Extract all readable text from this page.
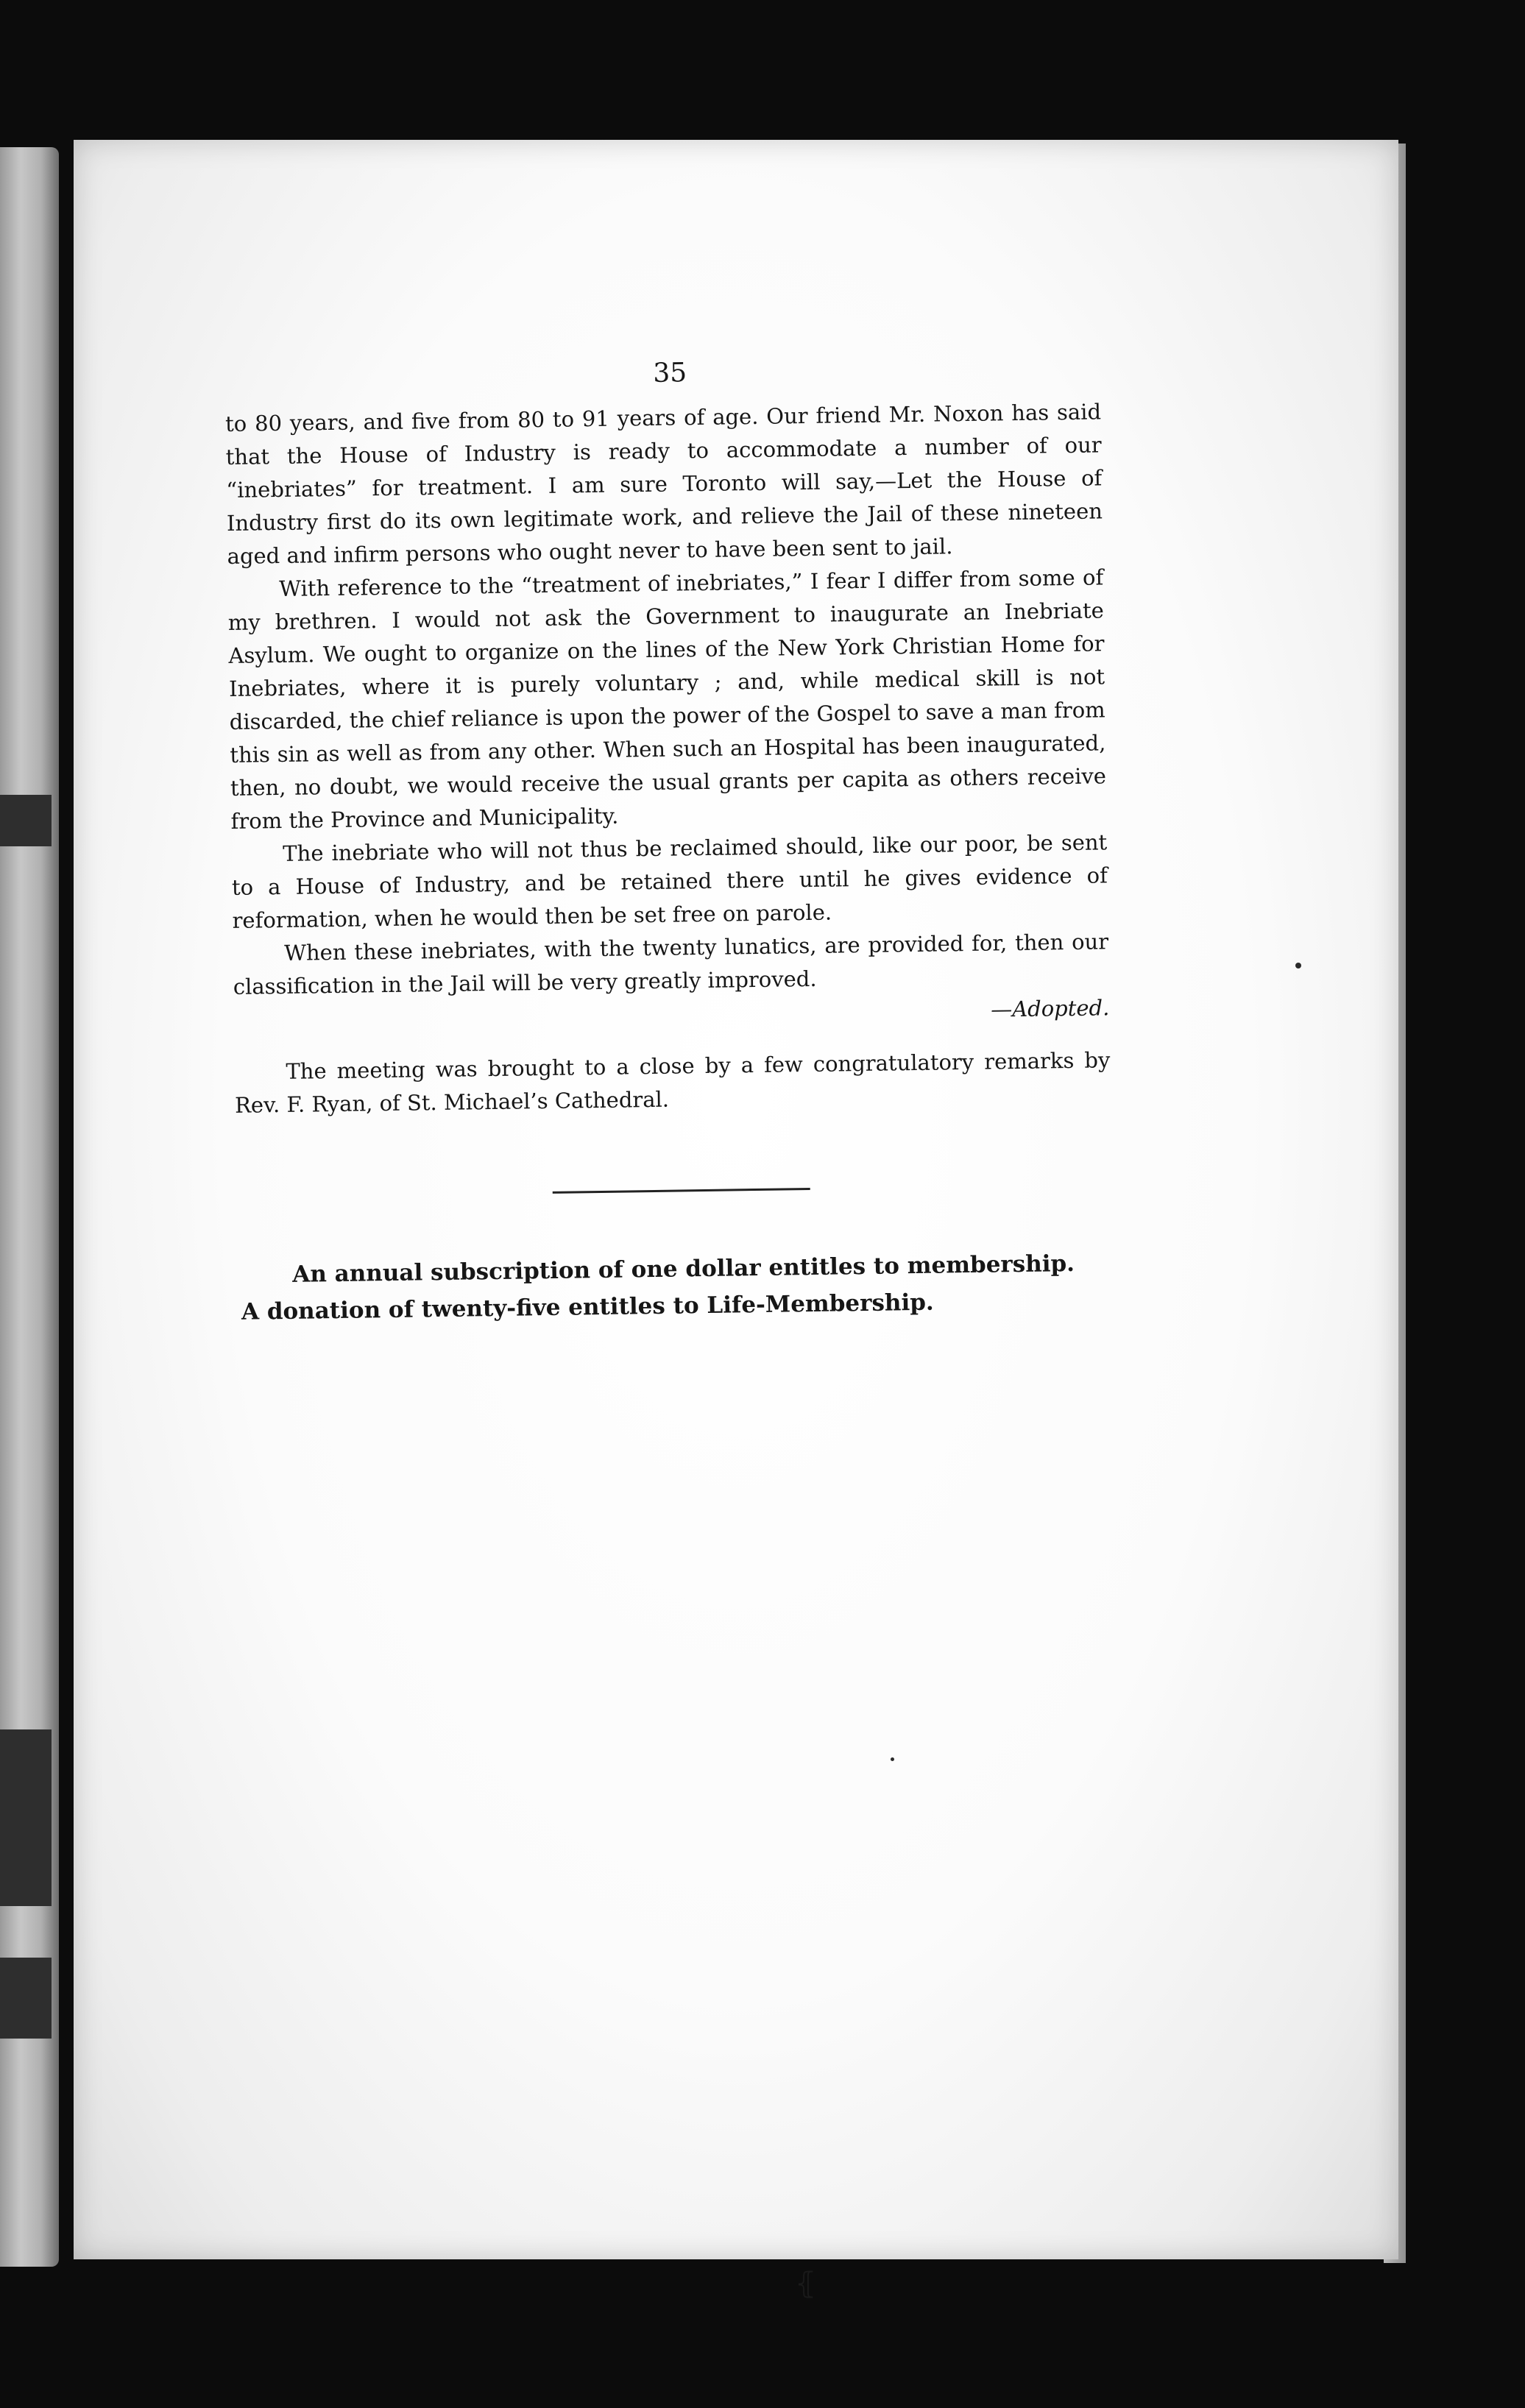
35

to 80 years, and five from 80 to 91 years of age. Our friend Mr. Noxon has said that the House of Industry is ready to accommodate a number of our “inebriates” for treatment. I am sure Toronto will say,—Let the House of Industry first do its own legitimate work, and relieve the Jail of these nineteen aged and infirm persons who ought never to have been sent to jail.

With reference to the “treatment of inebriates,” I fear I differ from some of my brethren. I would not ask the Government to inaugurate an Inebriate Asylum. We ought to organize on the lines of the New York Christian Home for Inebriates, where it is purely voluntary ; and, while medical skill is not discarded, the chief reliance is upon the power of the Gospel to save a man from this sin as well as from any other. When such an Hospital has been inaugurated, then, no doubt, we would receive the usual grants per capita as others receive from the Province and Municipality.

The inebriate who will not thus be reclaimed should, like our poor, be sent to a House of Industry, and be retained there until he gives evidence of reformation, when he would then be set free on parole.

When these inebriates, with the twenty lunatics, are provided for, then our classification in the Jail will be very greatly improved.

—Adopted.

The meeting was brought to a close by a few congratulatory remarks by Rev. F. Ryan, of St. Michael’s Cathedral.

An annual subscription of one dollar entitles to membership.

A donation of twenty-five entitles to Life-Membership.

⦃
